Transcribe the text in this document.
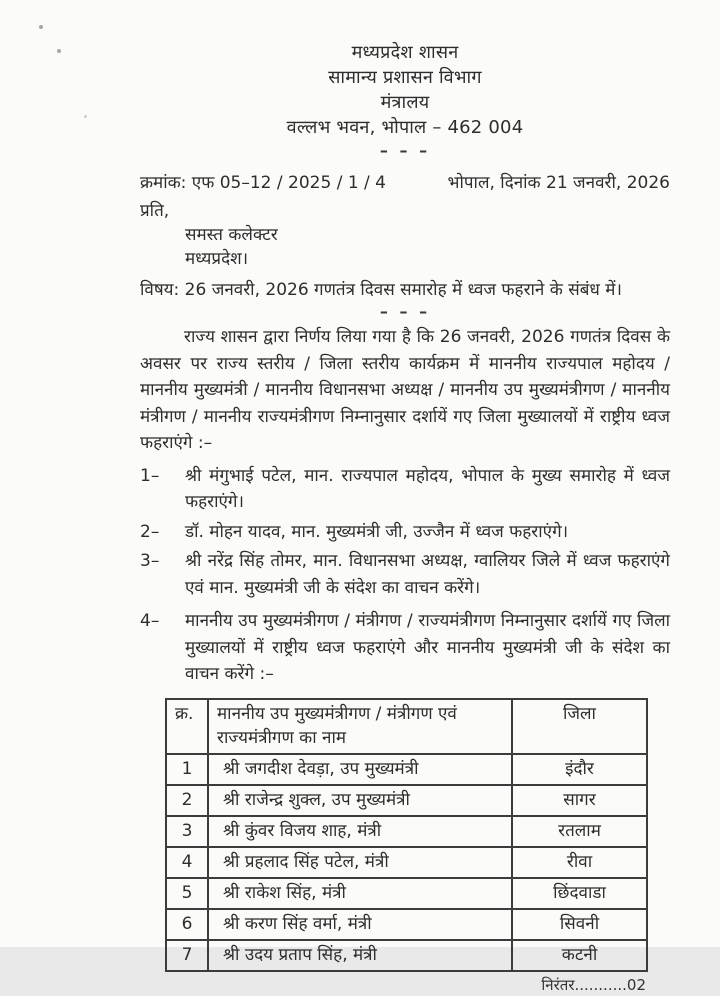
मध्यप्रदेश शासन
सामान्य प्रशासन विभाग
मंत्रालय
वल्लभ भवन, भोपाल – 462 004
– – –
क्रमांक: एफ 05–12 / 2025 / 1 / 4	भोपाल, दिनांक 21 जनवरी, 2026
प्रति,
समस्त कलेक्टर
मध्यप्रदेश।
विषय: 26 जनवरी, 2026 गणतंत्र दिवस समारोह में ध्वज फहराने के संबंध में।
– – –
राज्य शासन द्वारा निर्णय लिया गया है कि 26 जनवरी, 2026 गणतंत्र दिवस के अवसर पर राज्य स्तरीय / जिला स्तरीय कार्यक्रम में माननीय राज्यपाल महोदय / माननीय मुख्यमंत्री / माननीय विधानसभा अध्यक्ष / माननीय उप मुख्यमंत्रीगण / माननीय मंत्रीगण / माननीय राज्यमंत्रीगण निम्नानुसार दर्शायें गए जिला मुख्यालयों में राष्ट्रीय ध्वज फहराएंगे :–
1–	श्री मंगुभाई पटेल, मान. राज्यपाल महोदय, भोपाल के मुख्य समारोह में ध्वज फहराएंगे।
2–	डॉ. मोहन यादव, मान. मुख्यमंत्री जी, उज्जैन में ध्वज फहराएंगे।
3–	श्री नरेंद्र सिंह तोमर, मान. विधानसभा अध्यक्ष, ग्वालियर जिले में ध्वज फहराएंगे एवं मान. मुख्यमंत्री जी के संदेश का वाचन करेंगे।
4–	माननीय उप मुख्यमंत्रीगण / मंत्रीगण / राज्यमंत्रीगण निम्नानुसार दर्शायें गए जिला मुख्यालयों में राष्ट्रीय ध्वज फहराएंगे और माननीय मुख्यमंत्री जी के संदेश का वाचन करेंगे :–
क्र.	माननीय उप मुख्यमंत्रीगण / मंत्रीगण एवं राज्यमंत्रीगण का नाम	जिला
1	श्री जगदीश देवड़ा, उप मुख्यमंत्री	इंदौर
2	श्री राजेन्द्र शुक्ल, उप मुख्यमंत्री	सागर
3	श्री कुंवर विजय शाह, मंत्री	रतलाम
4	श्री प्रहलाद सिंह पटेल, मंत्री	रीवा
5	श्री राकेश सिंह, मंत्री	छिंदवाडा
6	श्री करण सिंह वर्मा, मंत्री	सिवनी
7	श्री उदय प्रताप सिंह, मंत्री	कटनी
निरंतर...........02
